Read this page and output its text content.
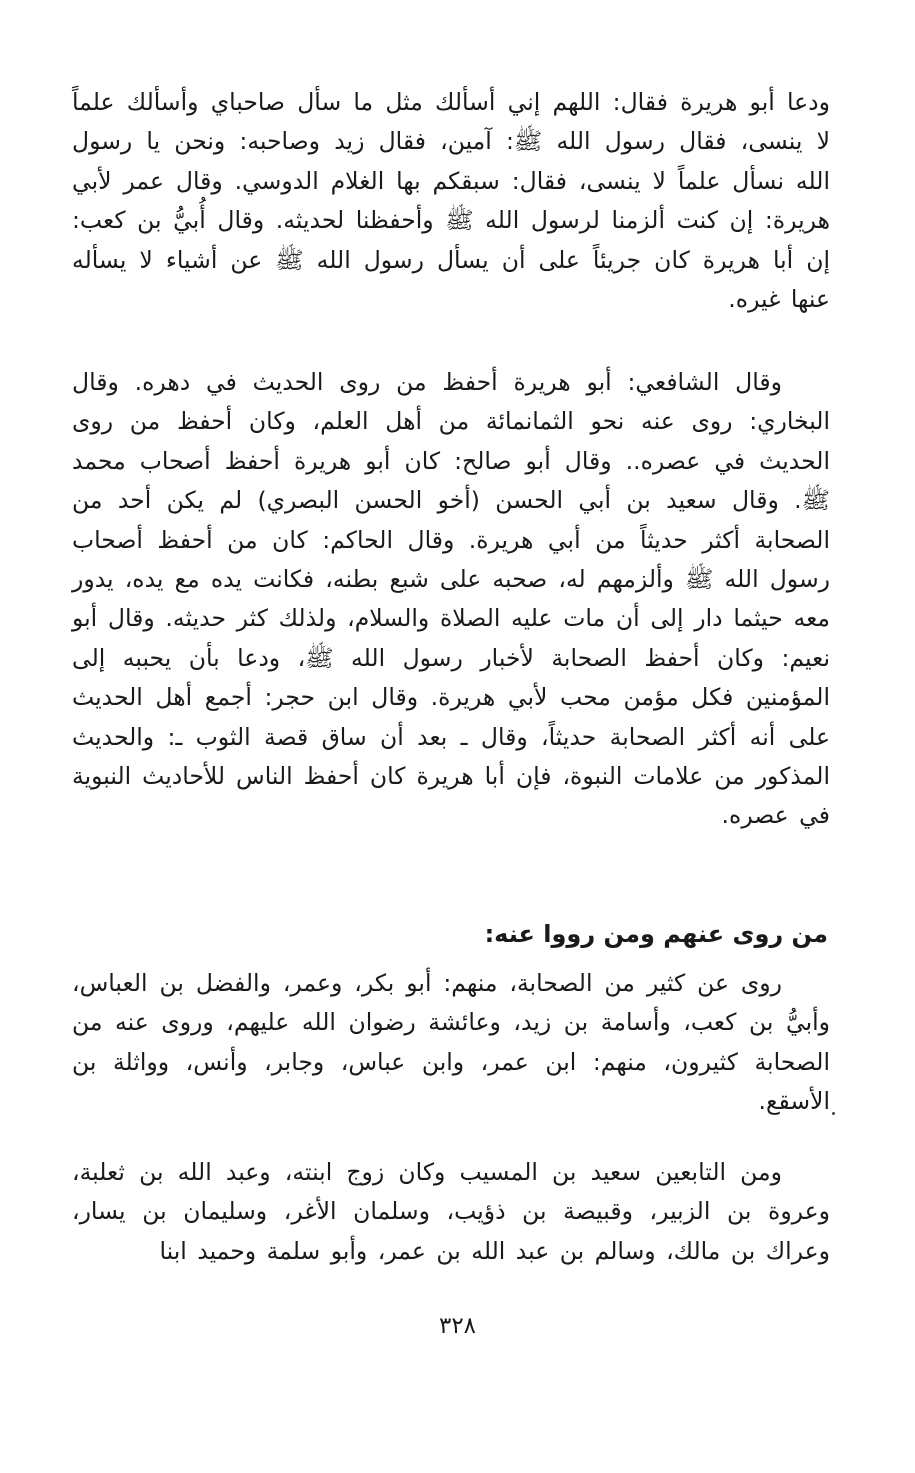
ودعا أبو هريرة فقال: اللهم إني أسألك مثل ما سأل صاحباي وأسألك علماً لا ينسى، فقال رسول الله ﷺ: آمين، فقال زيد وصاحبه: ونحن يا رسول الله نسأل علماً لا ينسى، فقال: سبقكم بها الغلام الدوسي. وقال عمر لأبي هريرة: إن كنت ألزمنا لرسول الله ﷺ وأحفظنا لحديثه. وقال أُبيُّ بن كعب: إن أبا هريرة كان جريئاً على أن يسأل رسول الله ﷺ عن أشياء لا يسأله عنها غيره.
وقال الشافعي: أبو هريرة أحفظ من روى الحديث في دهره. وقال البخاري: روى عنه نحو الثمانمائة من أهل العلم، وكان أحفظ من روى الحديث في عصره.. وقال أبو صالح: كان أبو هريرة أحفظ أصحاب محمد ﷺ. وقال سعيد بن أبي الحسن (أخو الحسن البصري) لم يكن أحد من الصحابة أكثر حديثاً من أبي هريرة. وقال الحاكم: كان من أحفظ أصحاب رسول الله ﷺ وألزمهم له، صحبه على شبع بطنه، فكانت يده مع يده، يدور معه حيثما دار إلى أن مات عليه الصلاة والسلام، ولذلك كثر حديثه. وقال أبو نعيم: وكان أحفظ الصحابة لأخبار رسول الله ﷺ، ودعا بأن يحببه إلى المؤمنين فكل مؤمن محب لأبي هريرة. وقال ابن حجر: أجمع أهل الحديث على أنه أكثر الصحابة حديثاً، وقال ـ بعد أن ساق قصة الثوب ـ: والحديث المذكور من علامات النبوة، فإن أبا هريرة كان أحفظ الناس للأحاديث النبوية في عصره.
من روى عنهم ومن رووا عنه:
روى عن كثير من الصحابة، منهم: أبو بكر، وعمر، والفضل بن العباس، وأبيُّ بن كعب، وأسامة بن زيد، وعائشة رضوان الله عليهم، وروى عنه من الصحابة كثيرون، منهم: ابن عمر، وابن عباس، وجابر، وأنس، وواثلة بن الأسقع.
ومن التابعين سعيد بن المسيب وكان زوج ابنته، وعبد الله بن ثعلبة، وعروة بن الزبير، وقبيصة بن ذؤيب، وسلمان الأغر، وسليمان بن يسار، وعراك بن مالك، وسالم بن عبد الله بن عمر، وأبو سلمة وحميد ابنا
٣٢٨
